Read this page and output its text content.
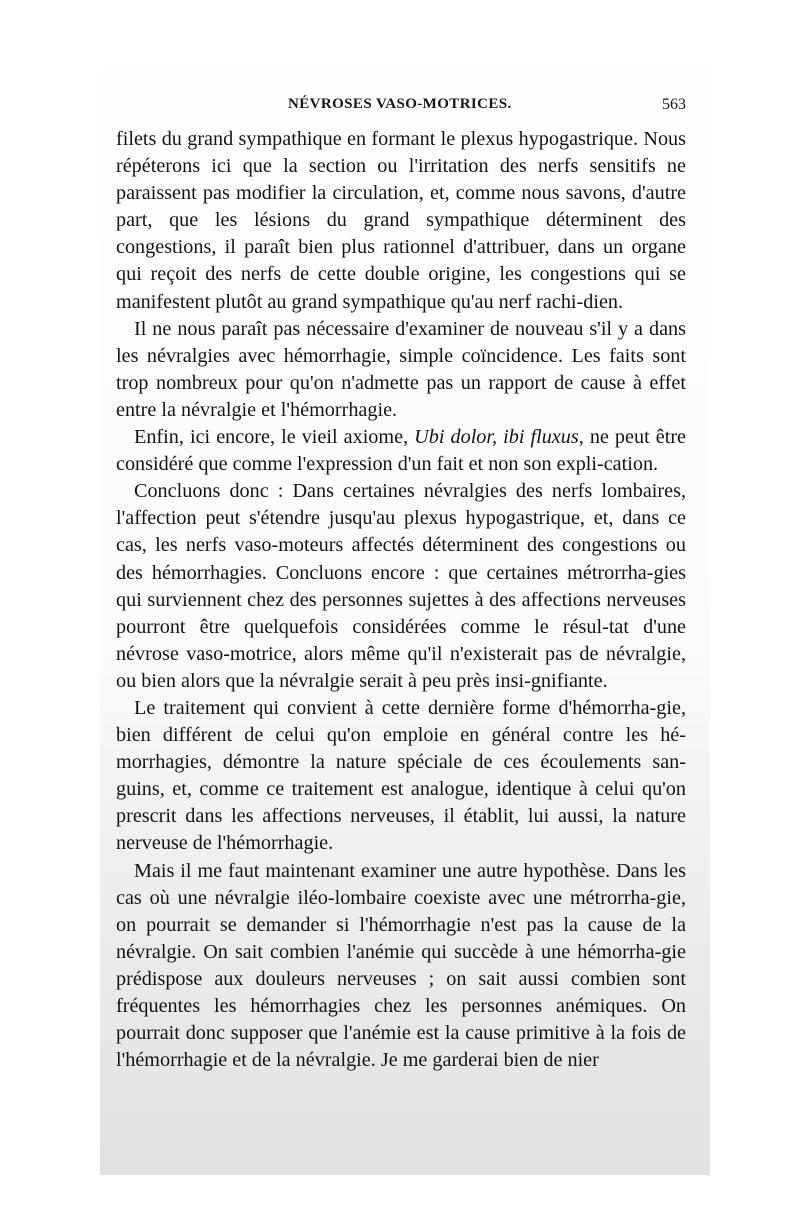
NÉVROSES VASO-MOTRICES.	563

filets du grand sympathique en formant le plexus hypogastrique. Nous répéterons ici que la section ou l'irritation des nerfs sensitifs ne paraissent pas modifier la circulation, et, comme nous savons, d'autre part, que les lésions du grand sympathique déterminent des congestions, il paraît bien plus rationnel d'attribuer, dans un organe qui reçoit des nerfs de cette double origine, les congestions qui se manifestent plutôt au grand sympathique qu'au nerf rachi-dien.

Il ne nous paraît pas nécessaire d'examiner de nouveau s'il y a dans les névralgies avec hémorrhagie, simple coïncidence. Les faits sont trop nombreux pour qu'on n'admette pas un rapport de cause à effet entre la névralgie et l'hémorrhagie.

Enfin, ici encore, le vieil axiome, Ubi dolor, ibi fluxus, ne peut être considéré que comme l'expression d'un fait et non son expli-cation.

Concluons donc : Dans certaines névralgies des nerfs lombaires, l'affection peut s'étendre jusqu'au plexus hypogastrique, et, dans ce cas, les nerfs vaso-moteurs affectés déterminent des congestions ou des hémorrhagies. Concluons encore : que certaines métrorrha-gies qui surviennent chez des personnes sujettes à des affections nerveuses pourront être quelquefois considérées comme le résul-tat d'une névrose vaso-motrice, alors même qu'il n'existerait pas de névralgie, ou bien alors que la névralgie serait à peu près insi-gnifiante.

Le traitement qui convient à cette dernière forme d'hémorrha-gie, bien différent de celui qu'on emploie en général contre les hé-morrhagies, démontre la nature spéciale de ces écoulements san-guins, et, comme ce traitement est analogue, identique à celui qu'on prescrit dans les affections nerveuses, il établit, lui aussi, la nature nerveuse de l'hémorrhagie.

Mais il me faut maintenant examiner une autre hypothèse. Dans les cas où une névralgie iléo-lombaire coexiste avec une métrorrha-gie, on pourrait se demander si l'hémorrhagie n'est pas la cause de la névralgie. On sait combien l'anémie qui succède à une hémorrha-gie prédispose aux douleurs nerveuses ; on sait aussi combien sont fréquentes les hémorrhagies chez les personnes anémiques. On pourrait donc supposer que l'anémie est la cause primitive à la fois de l'hémorrhagie et de la névralgie. Je me garderai bien de nier
